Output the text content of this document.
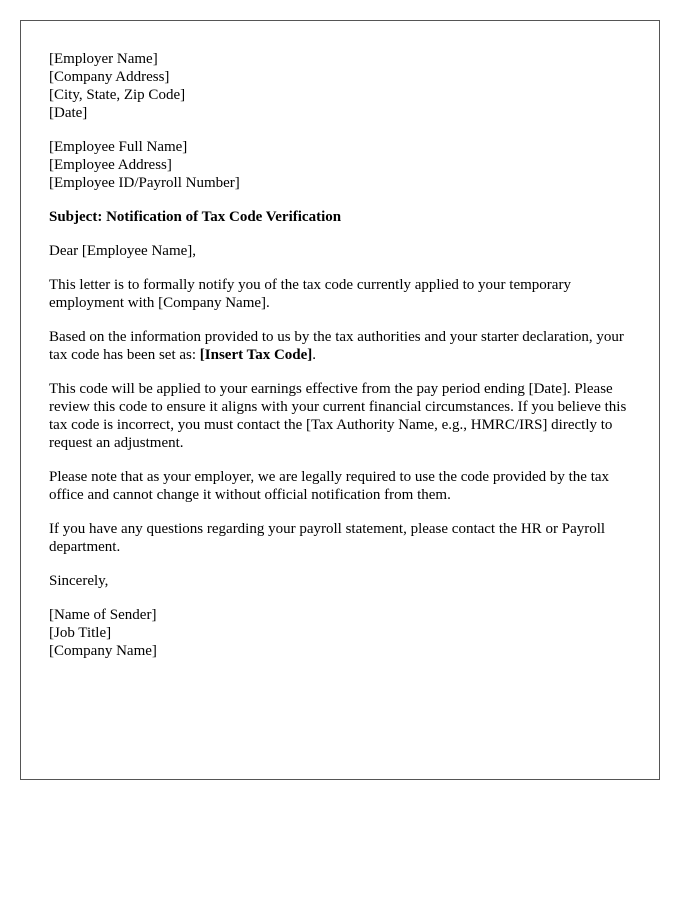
[Employer Name]
[Company Address]
[City, State, Zip Code]
[Date]
[Employee Full Name]
[Employee Address]
[Employee ID/Payroll Number]
Subject: Notification of Tax Code Verification

Dear [Employee Name],

This letter is to formally notify you of the tax code currently applied to your temporary employment with [Company Name].

Based on the information provided to us by the tax authorities and your starter declaration, your tax code has been set as: [Insert Tax Code].

This code will be applied to your earnings effective from the pay period ending [Date]. Please review this code to ensure it aligns with your current financial circumstances. If you believe this tax code is incorrect, you must contact the [Tax Authority Name, e.g., HMRC/IRS] directly to request an adjustment.

Please note that as your employer, we are legally required to use the code provided by the tax office and cannot change it without official notification from them.

If you have any questions regarding your payroll statement, please contact the HR or Payroll department.

Sincerely,

[Name of Sender]
[Job Title]
[Company Name]
